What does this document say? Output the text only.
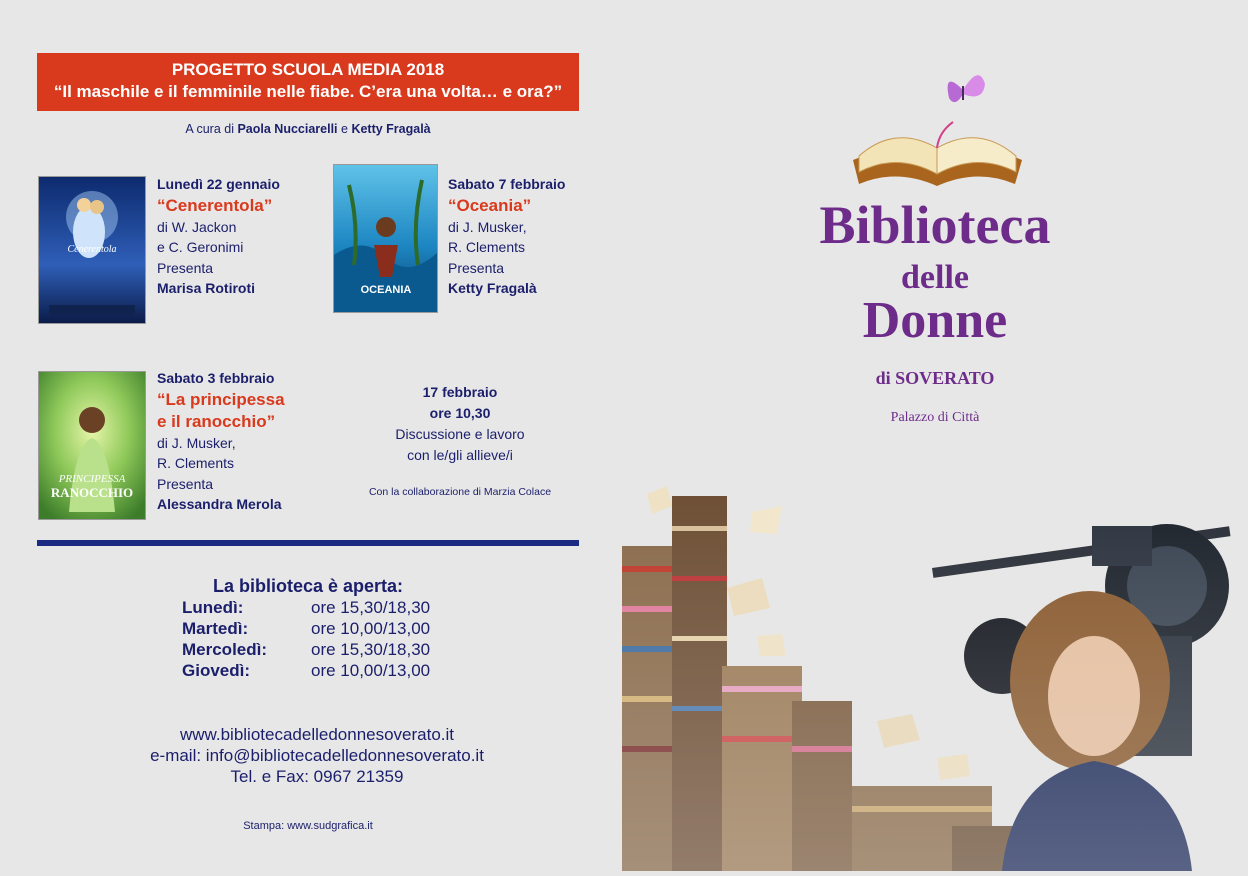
PROGETTO SCUOLA MEDIA 2018
“Il maschile e il femminile nelle fiabe. C’era una volta… e ora?”
A cura di Paola Nucciarelli e Ketty Fragalà
Cenerentola
Lunedì 22 gennaio
“Cenerentola”
di W. Jackon
e C. Geronimi
Presenta
Marisa Rotiroti	OCEANIA
Sabato 7 febbraio
“Oceania”
di J. Musker,
R. Clements
Presenta
Ketty Fragalà
PRINCIPESSA
RANOCCHIO
Sabato 3 febbraio
“La principessa
e il ranocchio”
di J. Musker,
R. Clements
Presenta
Alessandra Merola
17 febbraio
ore 10,30
Discussione e lavoro
con le/gli allieve/i
Con la collaborazione di Marzia Colace
La biblioteca è aperta:
Lunedì:	ore 15,30/18,30
Martedì:	ore 10,00/13,00
Mercoledì:	ore 15,30/18,30
Giovedì:	ore 10,00/13,00
www.bibliotecadelledonnesoverato.it
e-mail: info@bibliotecadelledonnesoverato.it
Tel. e Fax: 0967 21359
Stampa: www.sudgrafica.it
Biblioteca
delle
Donne
di SOVERATO
Palazzo di Città
